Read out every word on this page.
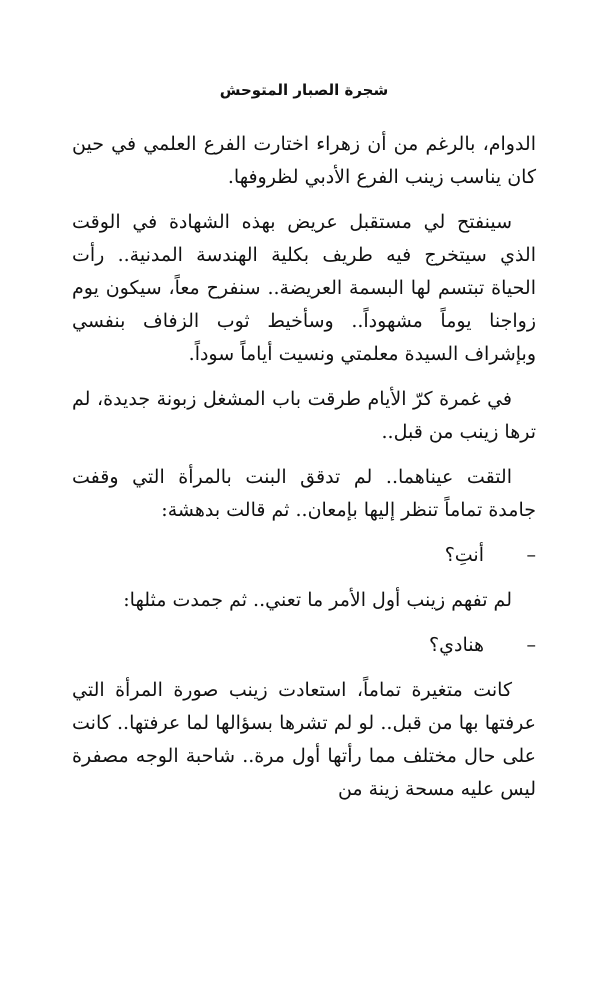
شجرة الصبار المتوحش

الدوام، بالرغم من أن زهراء اختارت الفرع العلمي في حين كان يناسب زينب الفرع الأدبي لظروفها.

سينفتح لي مستقبل عريض بهذه الشهادة في الوقت الذي سيتخرج فيه طريف بكلية الهندسة المدنية.. رأت الحياة تبتسم لها البسمة العريضة.. سنفرح معاً، سيكون يوم زواجنا يوماً مشهوداً.. وسأخيط ثوب الزفاف بنفسي وبإشراف السيدة معلمتي ونسيت أياماً سوداً.

في غمرة كرّ الأيام طرقت باب المشغل زبونة جديدة، لم ترها زينب من قبل..

التقت عيناهما.. لم تدقق البنت بالمرأة التي وقفت جامدة تماماً تنظر إليها بإمعان.. ثم قالت بدهشة:

–أنتِ؟

لم تفهم زينب أول الأمر ما تعني.. ثم جمدت مثلها:

–هنادي؟

كانت متغيرة تماماً، استعادت زينب صورة المرأة التي عرفتها بها من قبل.. لو لم تشرها بسؤالها لما عرفتها.. كانت على حال مختلف مما رأتها أول مرة.. شاحبة الوجه مصفرة ليس عليه مسحة زينة من
